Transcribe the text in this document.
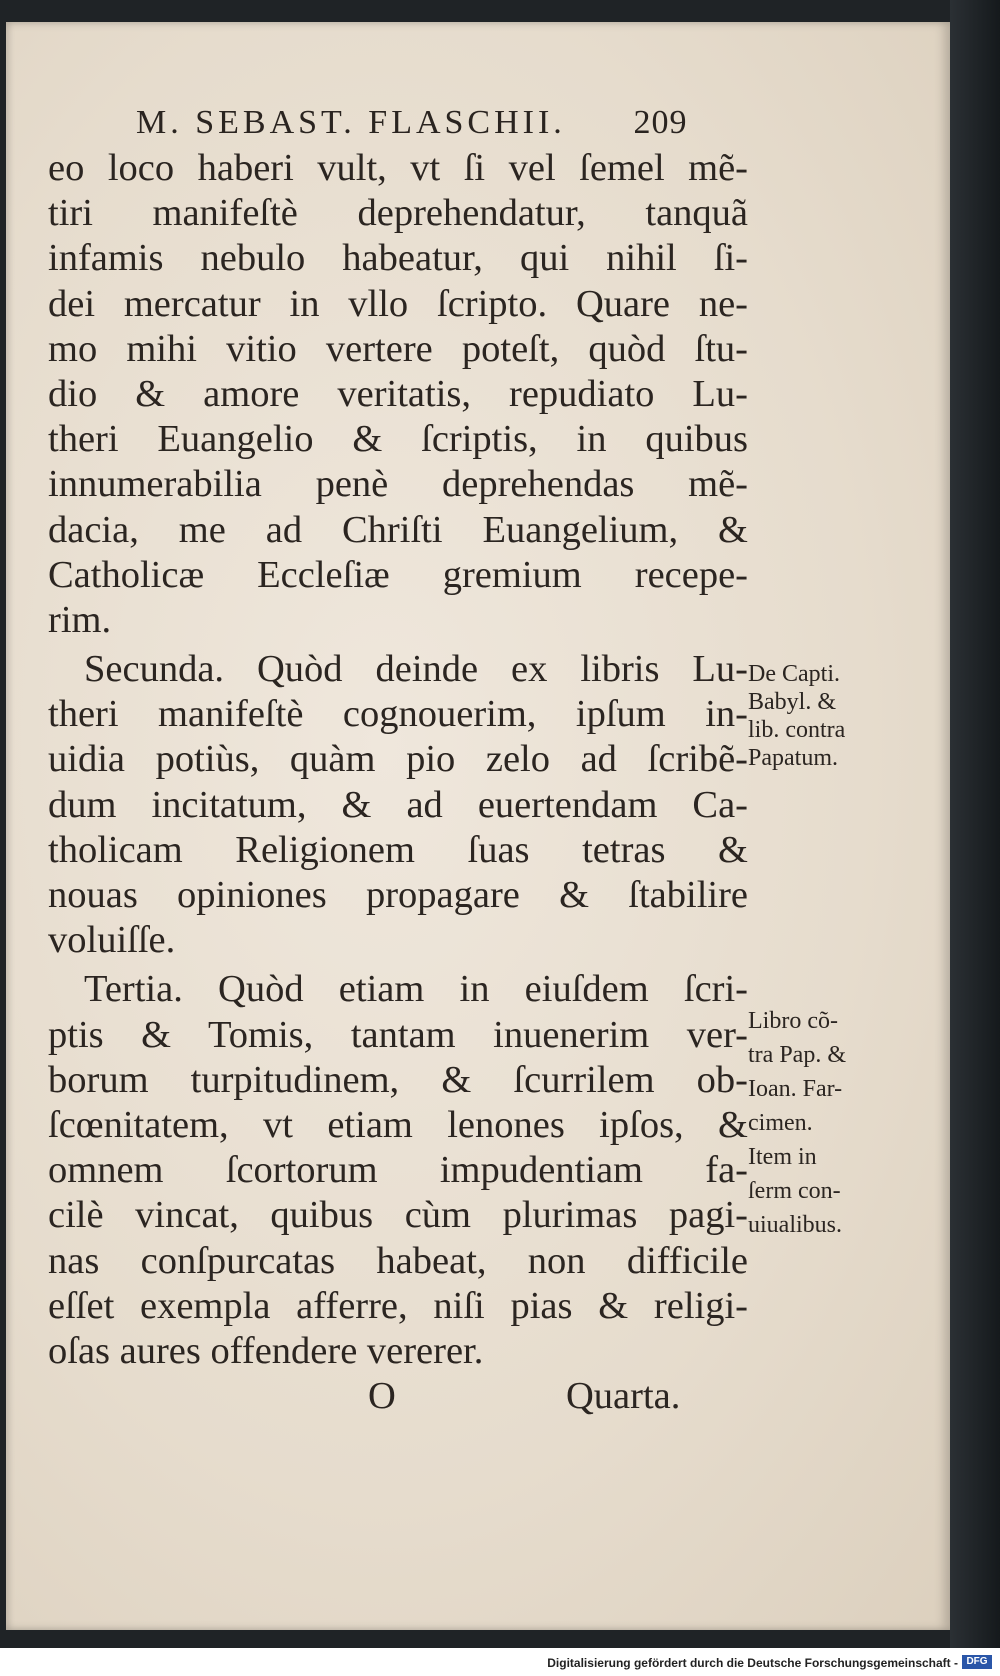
M. SEBAST. FLASCHII. 209
eo loco haberi vult, vt ſi vel ſemel mẽ-
tiri manifeſtè deprehendatur, tanquã
infamis nebulo habeatur, qui nihil ſi-
dei mercatur in vllo ſcripto. Quare ne-
mo mihi vitio vertere poteſt, quòd ſtu-
dio & amore veritatis, repudiato Lu-
theri Euangelio & ſcriptis, in quibus
innumerabilia penè deprehendas mẽ-
dacia, me ad Chriſti Euangelium, &
Catholicæ Eccleſiæ gremium recepe-
rim.
Secunda. Quòd deinde ex libris Lu-
theri manifeſtè cognouerim, ipſum in-
uidia potiùs, quàm pio zelo ad ſcribẽ-
dum incitatum, & ad euertendam Ca-
tholicam Religionem ſuas tetras &
nouas opiniones propagare & ſtabilire
voluiſſe.
Tertia. Quòd etiam in eiuſdem ſcri-
ptis & Tomis, tantam inuenerim ver-
borum turpitudinem, & ſcurrilem ob-
ſcœnitatem, vt etiam lenones ipſos, &
omnem ſcortorum impudentiam fa-
cilè vincat, quibus cùm plurimas pagi-
nas conſpurcatas habeat, non difficile
eſſet exempla afferre, niſi pias & religi-
oſas aures offendere vererer.
O	Quarta.
De Capti.
Babyl. &
lib. contra
Papatum.
Libro cõ-
tra Pap. &
Ioan. Far-
cimen.
Item in
ſerm con-
uiualibus.
Digitalisierung gefördert durch die Deutsche Forschungsgemeinschaft - DFG
